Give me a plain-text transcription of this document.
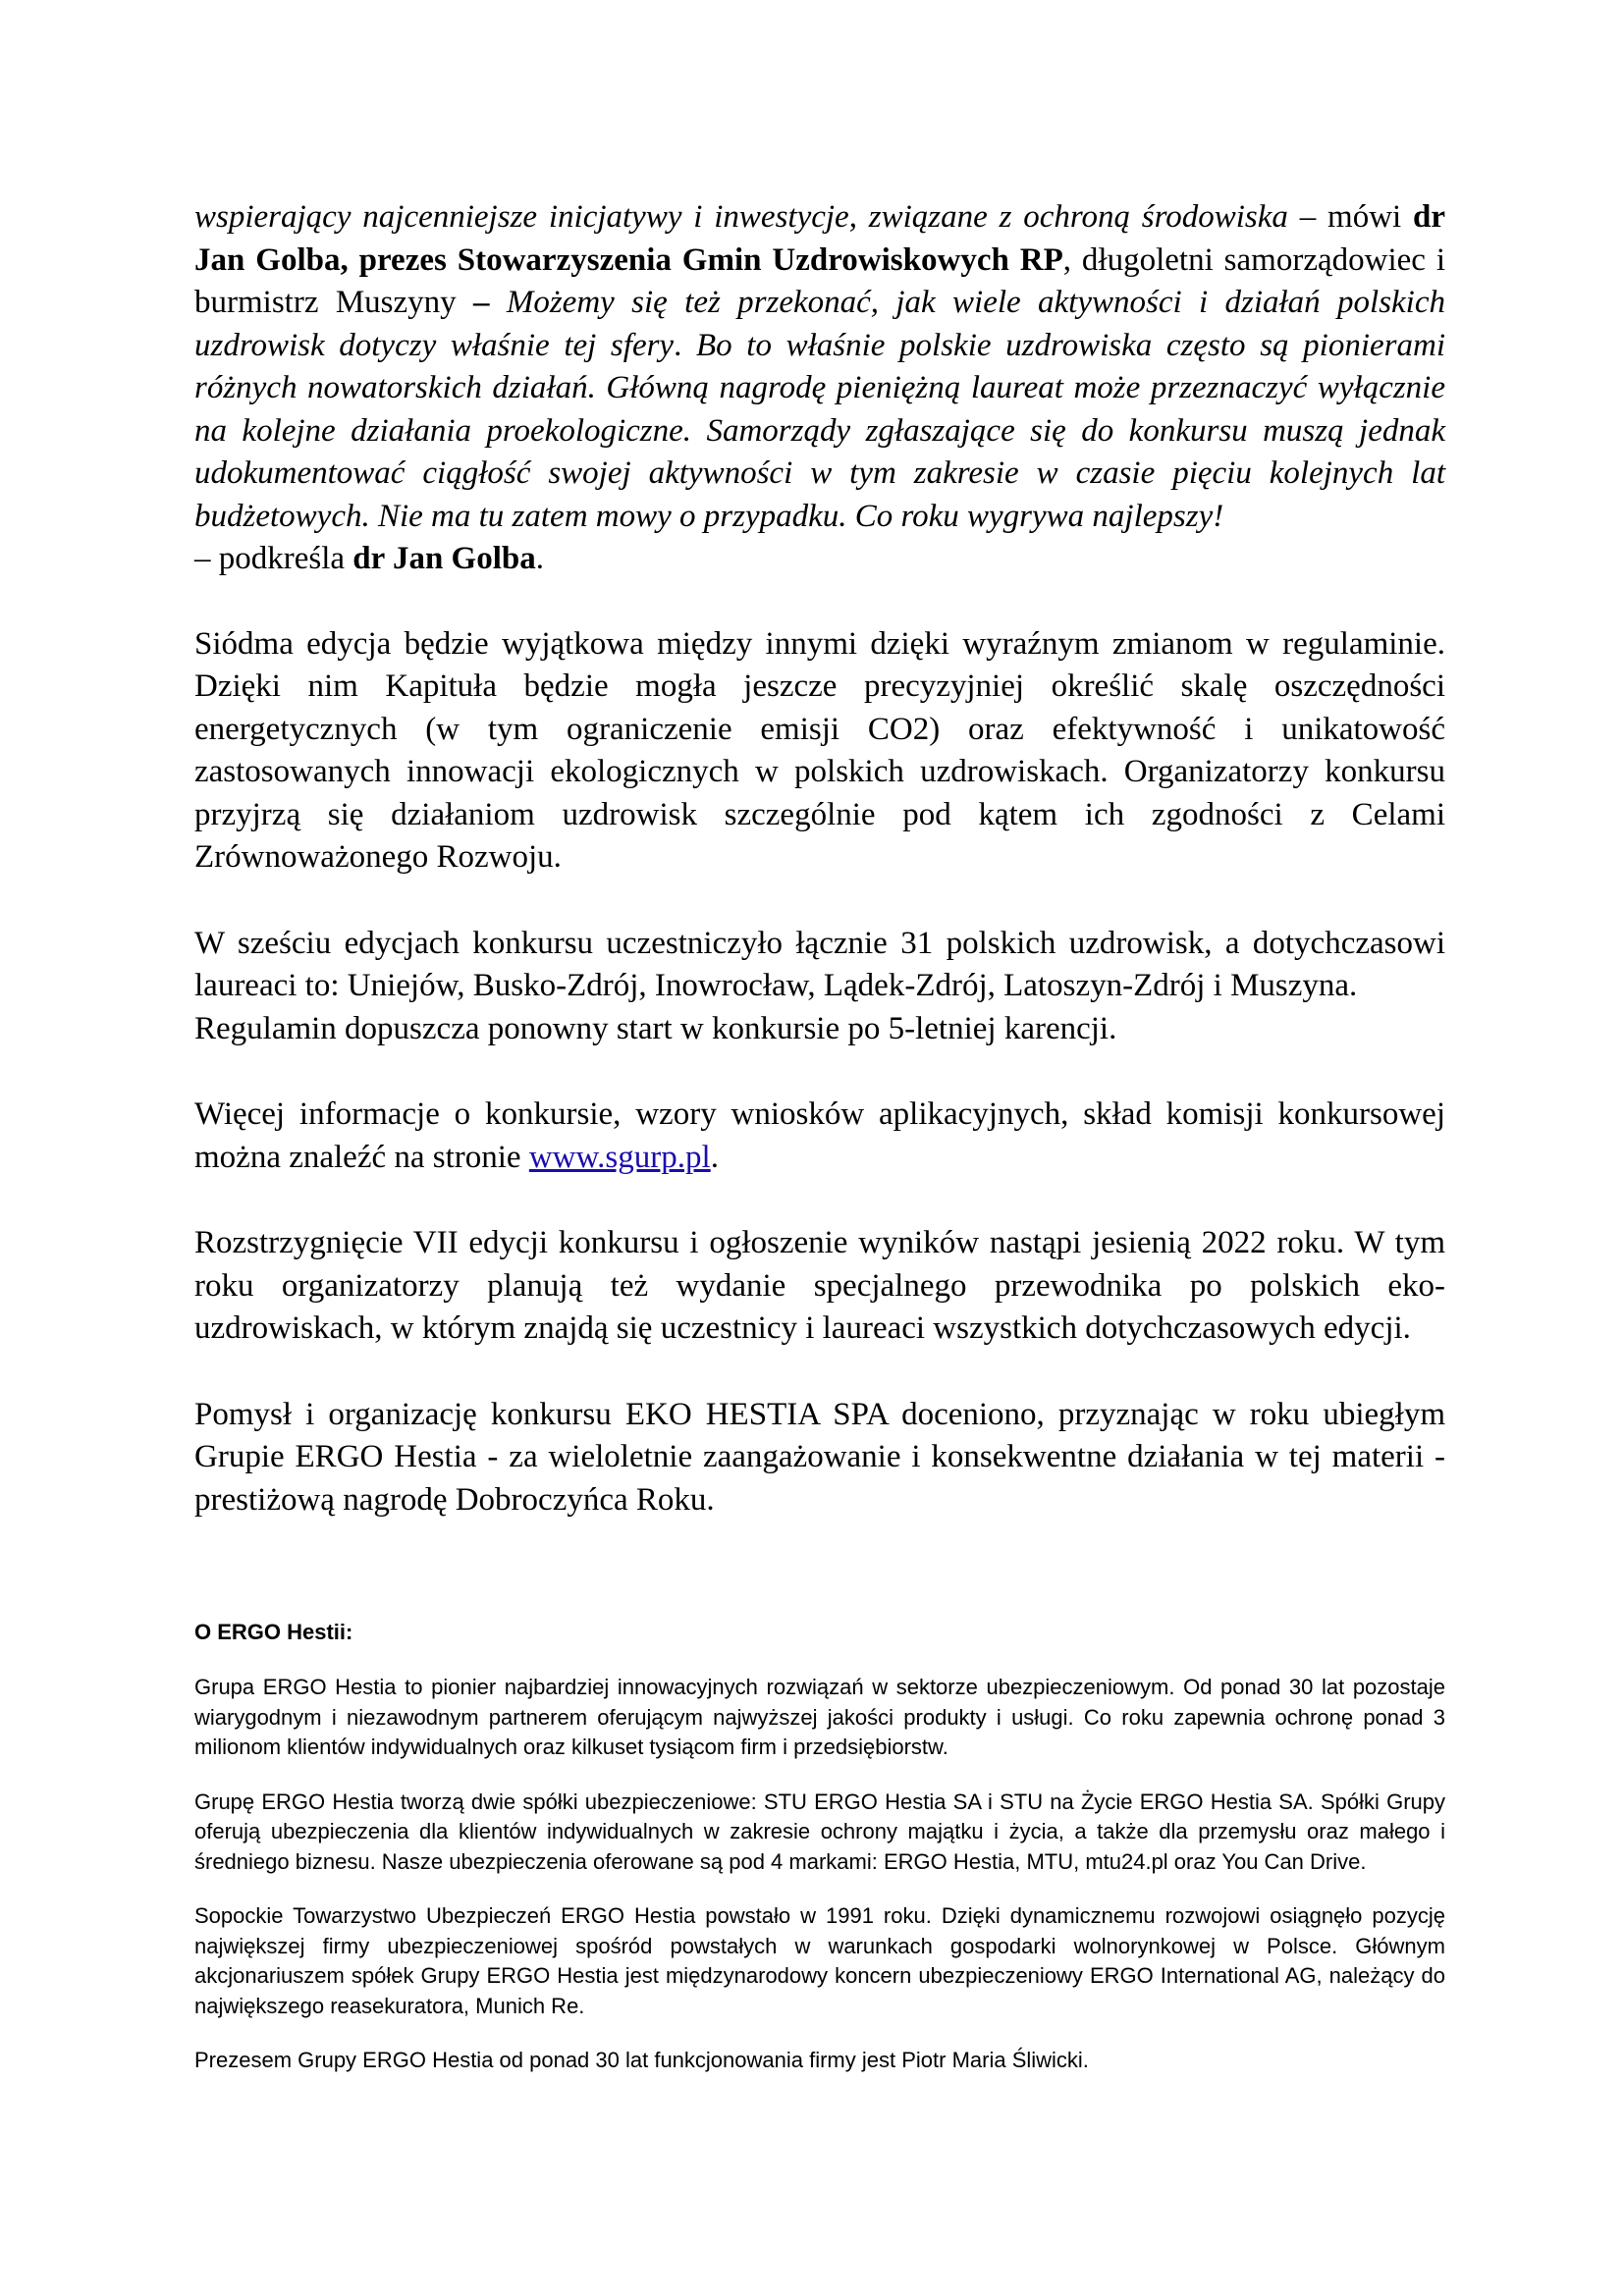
wspierający najcenniejsze inicjatywy i inwestycje, związane z ochroną środowiska – mówi dr Jan Golba, prezes Stowarzyszenia Gmin Uzdrowiskowych RP, długoletni samorządowiec i burmistrz Muszyny – Możemy się też przekonać, jak wiele aktywności i działań polskich uzdrowisk dotyczy właśnie tej sfery. Bo to właśnie polskie uzdrowiska często są pionierami różnych nowatorskich działań. Główną nagrodę pieniężną laureat może przeznaczyć wyłącznie na kolejne działania proekologiczne. Samorządy zgłaszające się do konkursu muszą jednak udokumentować ciągłość swojej aktywności w tym zakresie w czasie pięciu kolejnych lat budżetowych. Nie ma tu zatem mowy o przypadku. Co roku wygrywa najlepszy!
– podkreśla dr Jan Golba.

Siódma edycja będzie wyjątkowa między innymi dzięki wyraźnym zmianom w regulaminie. Dzięki nim Kapituła będzie mogła jeszcze precyzyjniej określić skalę oszczędności energetycznych (w tym ograniczenie emisji CO2) oraz efektywność i unikatowość zastosowanych innowacji ekologicznych w polskich uzdrowiskach. Organizatorzy konkursu przyjrzą się działaniom uzdrowisk szczególnie pod kątem ich zgodności z Celami Zrównoważonego Rozwoju.

W sześciu edycjach konkursu uczestniczyło łącznie 31 polskich uzdrowisk, a dotychczasowi laureaci to: Uniejów, Busko-Zdrój, Inowrocław, Lądek-Zdrój, Latoszyn-Zdrój i Muszyna.
Regulamin dopuszcza ponowny start w konkursie po 5-letniej karencji.

Więcej informacje o konkursie, wzory wniosków aplikacyjnych, skład komisji konkursowej można znaleźć na stronie www.sgurp.pl.

Rozstrzygnięcie VII edycji konkursu i ogłoszenie wyników nastąpi jesienią 2022 roku. W tym roku organizatorzy planują też wydanie specjalnego przewodnika po polskich eko-uzdrowiskach, w którym znajdą się uczestnicy i laureaci wszystkich dotychczasowych edycji.

Pomysł i organizację konkursu EKO HESTIA SPA doceniono, przyznając w roku ubiegłym Grupie ERGO Hestia - za wieloletnie zaangażowanie i konsekwentne działania w tej materii - prestiżową nagrodę Dobroczyńca Roku.

O ERGO Hestii:

Grupa ERGO Hestia to pionier najbardziej innowacyjnych rozwiązań w sektorze ubezpieczeniowym. Od ponad 30 lat pozostaje wiarygodnym i niezawodnym partnerem oferującym najwyższej jakości produkty i usługi. Co roku zapewnia ochronę ponad 3 milionom klientów indywidualnych oraz kilkuset tysiącom firm i przedsiębiorstw.

Grupę ERGO Hestia tworzą dwie spółki ubezpieczeniowe: STU ERGO Hestia SA i STU na Życie ERGO Hestia SA. Spółki Grupy oferują ubezpieczenia dla klientów indywidualnych w zakresie ochrony majątku i życia, a także dla przemysłu oraz małego i średniego biznesu. Nasze ubezpieczenia oferowane są pod 4 markami: ERGO Hestia, MTU, mtu24.pl oraz You Can Drive.

Sopockie Towarzystwo Ubezpieczeń ERGO Hestia powstało w 1991 roku. Dzięki dynamicznemu rozwojowi osiągnęło pozycję największej firmy ubezpieczeniowej spośród powstałych w warunkach gospodarki wolnorynkowej w Polsce. Głównym akcjonariuszem spółek Grupy ERGO Hestia jest międzynarodowy koncern ubezpieczeniowy ERGO International AG, należący do największego reasekuratora, Munich Re.

Prezesem Grupy ERGO Hestia od ponad 30 lat funkcjonowania firmy jest Piotr Maria Śliwicki.
